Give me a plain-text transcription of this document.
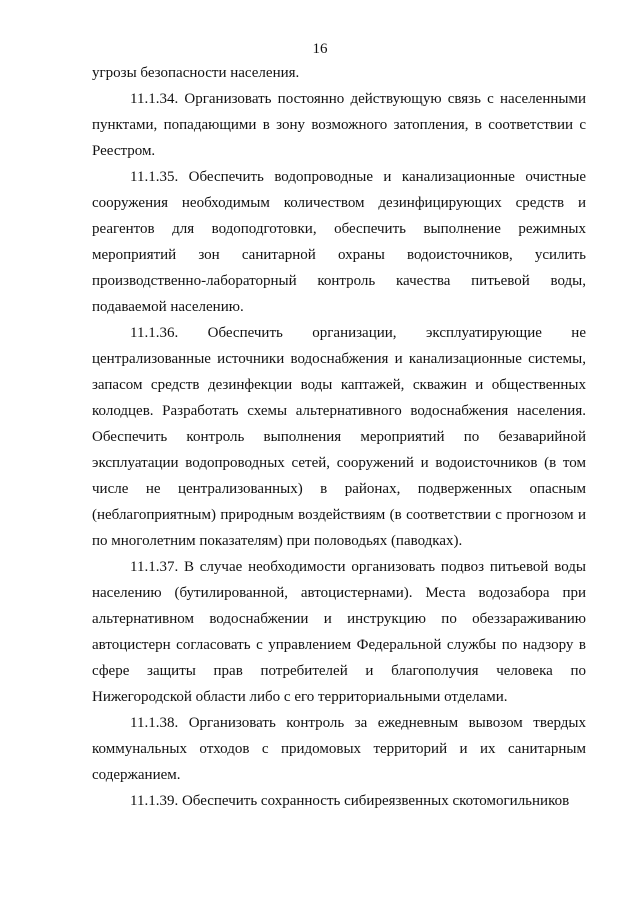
16

угрозы безопасности населения.

11.1.34. Организовать постоянно действующую связь с населенными пунктами, попадающими в зону возможного затопления, в соответствии с Реестром.

11.1.35. Обеспечить водопроводные и канализационные очистные сооружения необходимым количеством дезинфицирующих средств и реагентов для водоподготовки, обеспечить выполнение режимных мероприятий зон санитарной охраны водоисточников, усилить производственно-лабораторный контроль качества питьевой воды, подаваемой населению.

11.1.36. Обеспечить организации, эксплуатирующие не централизованные источники водоснабжения и канализационные системы, запасом средств дезинфекции воды каптажей, скважин и общественных колодцев. Разработать схемы альтернативного водоснабжения населения. Обеспечить контроль выполнения мероприятий по безаварийной эксплуатации водопроводных сетей, сооружений и водоисточников (в том числе не централизованных) в районах, подверженных опасным (неблагоприятным) природным воздействиям (в соответствии с прогнозом и по многолетним показателям) при половодьях (паводках).

11.1.37. В случае необходимости организовать подвоз питьевой воды населению (бутилированной, автоцистернами). Места водозабора при альтернативном водоснабжении и инструкцию по обеззараживанию автоцистерн согласовать с управлением Федеральной службы по надзору в сфере защиты прав потребителей и благополучия человека по Нижегородской области либо с его территориальными отделами.

11.1.38. Организовать контроль за ежедневным вывозом твердых коммунальных отходов с придомовых территорий и их санитарным содержанием.

11.1.39. Обеспечить сохранность сибиреязвенных скотомогильников
